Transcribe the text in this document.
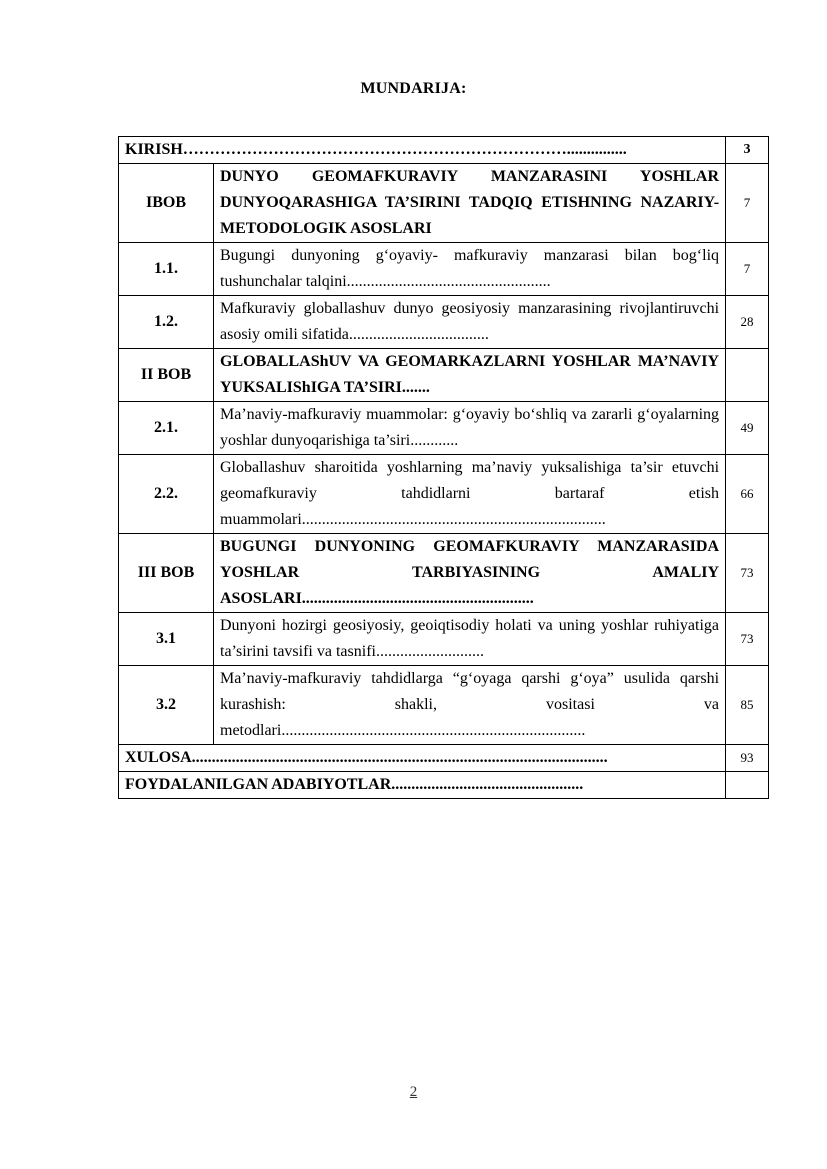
MUNDARIJA:
KIRISH………………………………………………………………...............		3
IBOB	DUNYO GEOMAFKURAVIY MANZARASINI YOSHLAR DUNYOQARASHIGA TA’SIRINI TADQIQ ETISHNING NAZARIY-METODOLOGIK ASOSLARI	7
1.1.	Bugungi dunyoning g‘oyaviy- mafkuraviy manzarasi bilan bog‘liq tushunchalar talqini...................................................	7
1.2.	Mafkuraviy globallashuv dunyo geosiyosiy manzarasining rivojlantiruvchi asosiy omili sifatida...................................	28
II BOB	GLOBALLAShUV VA GEOMARKAZLARNI YOSHLAR MA’NAVIY YUKSALIShIGA TA’SIRI.......	
2.1.	Ma’naviy-mafkuraviy muammolar: g‘oyaviy bo‘shliq va zararli g‘oyalarning yoshlar dunyoqarishiga ta’siri............	49
2.2.	Globallashuv sharoitida yoshlarning ma’naviy yuksalishiga ta’sir etuvchi geomafkuraviy tahdidlarni bartaraf etish muammolari............................................................................	66
III BOB	BUGUNGI DUNYONING GEOMAFKURAVIY MANZARASIDA YOSHLAR TARBIYASINING AMALIY ASOSLARI..........................................................	73
3.1	Dunyoni hozirgi geosiyosiy, geoiqtisodiy holati va uning yoshlar ruhiyatiga ta’sirini tavsifi va tasnifi...........................	73
3.2	Ma’naviy-mafkuraviy tahdidlarga “g‘oyaga qarshi g‘oya” usulida qarshi kurashish: shakli, vositasi va metodlari............................................................................	85
XULOSA........................................................................................................		93
FOYDALANILGAN ADABIYOTLAR................................................		
2
